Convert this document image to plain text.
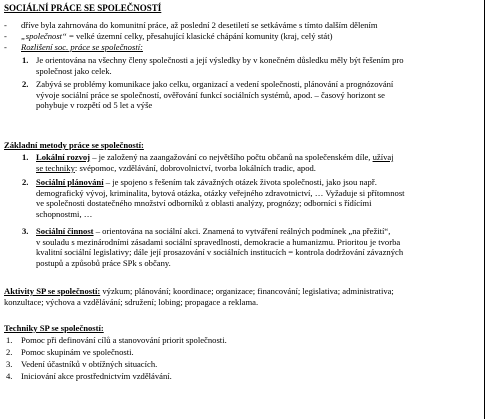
SOCIÁLNÍ PRÁCE SE SPOLEČNOSTÍ
- dříve byla zahrnována do komunitní práce, až poslední 2 desetiletí se setkáváme s tímto dalším dělením
- „společnost“ = velké územní celky, přesahující klasické chápání komunity (kraj, celý stát)
- Rozlišení soc. práce se společností:
1. Je orientována na všechny členy společnosti a její výsledky by v konečném důsledku měly být řešením pro
společnost jako celek.
2. Zabývá se problémy komunikace jako celku, organizací a vedení společnosti, plánování a prognózování
vývoje sociální práce se společností, ověřování funkcí sociálních systémů, apod. – časový horizont se
pohybuje v rozpětí od 5 let a výše
Základní metody práce se společností:
1. Lokální rozvoj – je založený na zaangažování co největšího počtu občanů na společenském díle, užívaj
se techniky: svépomoc, vzdělávání, dobrovolnictví, tvorba lokálních tradic, apod.
2. Sociální plánování – je spojeno s řešením tak závažných otázek života společnosti, jako jsou např.
demografický vývoj, kriminalita, bytová otázka, otázky veřejného zdravotnictví, … Vyžaduje si přítomnost
ve společnosti dostatečného množství odborníků z oblasti analýzy, prognózy; odborníci s řídícími
schopnostmi, …
3. Sociální činnost – orientována na sociální akci. Znamená to vytváření reálných podmínek „na přežití“,
v souladu s mezinárodními zásadami sociální spravedlnosti, demokracie a humanizmu. Prioritou je tvorba
kvalitní sociální legislativy; dále její prosazování v sociálních institucích = kontrola dodržování závazných
postupů a způsobů práce SPk s občany.
Aktivity SP se společností: výzkum; plánování; koordinace; organizace; financování; legislativa; administrativa;
konzultace; výchova a vzdělávání; sdružení; lobing; propagace a reklama.
Techniky SP se společností:
1. Pomoc při definování cílů a stanovování priorit společnosti.
2. Pomoc skupinám ve společnosti.
3. Vedení účastníků v obtížných situacích.
4. Iniciování akce prostřednictvím vzdělávání.
